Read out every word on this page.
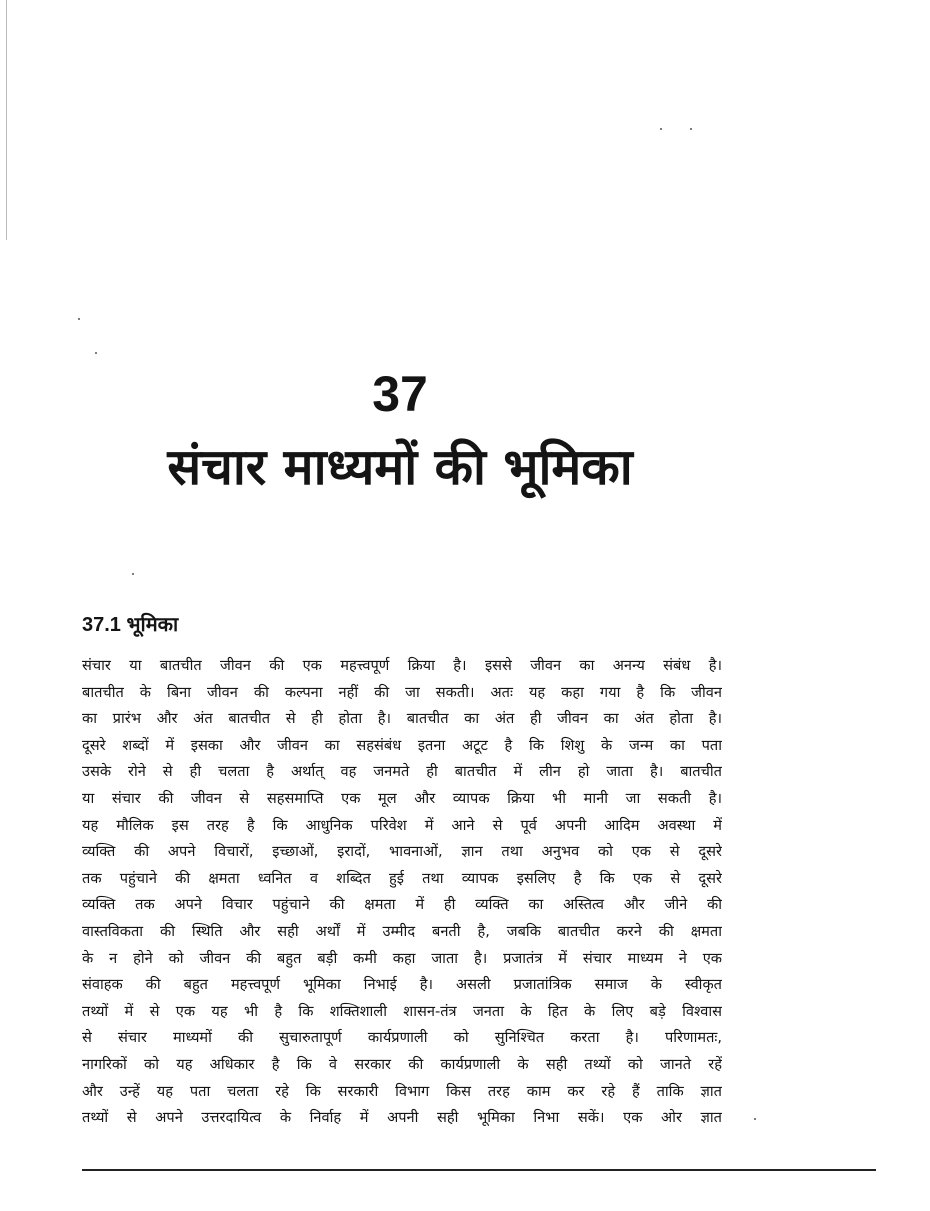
37
संचार माध्यमों की भूमिका
37.1 भूमिका
संचार या बातचीत जीवन की एक महत्त्वपूर्ण क्रिया है। इससे जीवन का अनन्य संबंध है।
बातचीत के बिना जीवन की कल्पना नहीं की जा सकती। अतः यह कहा गया है कि जीवन
का प्रारंभ और अंत बातचीत से ही होता है। बातचीत का अंत ही जीवन का अंत होता है।
दूसरे शब्दों में इसका और जीवन का सहसंबंध इतना अटूट है कि शिशु के जन्म का पता
उसके रोने से ही चलता है अर्थात् वह जनमते ही बातचीत में लीन हो जाता है। बातचीत
या संचार की जीवन से सहसमाप्ति एक मूल और व्यापक क्रिया भी मानी जा सकती है।
यह मौलिक इस तरह है कि आधुनिक परिवेश में आने से पूर्व अपनी आदिम अवस्था में
व्यक्ति की अपने विचारों, इच्छाओं, इरादों, भावनाओं, ज्ञान तथा अनुभव को एक से दूसरे
तक पहुंचाने की क्षमता ध्वनित व शब्दित हुई तथा व्यापक इसलिए है कि एक से दूसरे
व्यक्ति तक अपने विचार पहुंचाने की क्षमता में ही व्यक्ति का अस्तित्व और जीने की
वास्तविकता की स्थिति और सही अर्थों में उम्मीद बनती है, जबकि बातचीत करने की क्षमता
के न होने को जीवन की बहुत बड़ी कमी कहा जाता है। प्रजातंत्र में संचार माध्यम ने एक
संवाहक की बहुत महत्त्वपूर्ण भूमिका निभाई है। असली प्रजातांत्रिक समाज के स्वीकृत
तथ्यों में से एक यह भी है कि शक्तिशाली शासन-तंत्र जनता के हित के लिए बड़े विश्वास
से संचार माध्यमों की सुचारुतापूर्ण कार्यप्रणाली को सुनिश्चित करता है। परिणामतः,
नागरिकों को यह अधिकार है कि वे सरकार की कार्यप्रणाली के सही तथ्यों को जानते रहें
और उन्हें यह पता चलता रहे कि सरकारी विभाग किस तरह काम कर रहे हैं ताकि ज्ञात
तथ्यों से अपने उत्तरदायित्व के निर्वाह में अपनी सही भूमिका निभा सकें। एक ओर ज्ञात
